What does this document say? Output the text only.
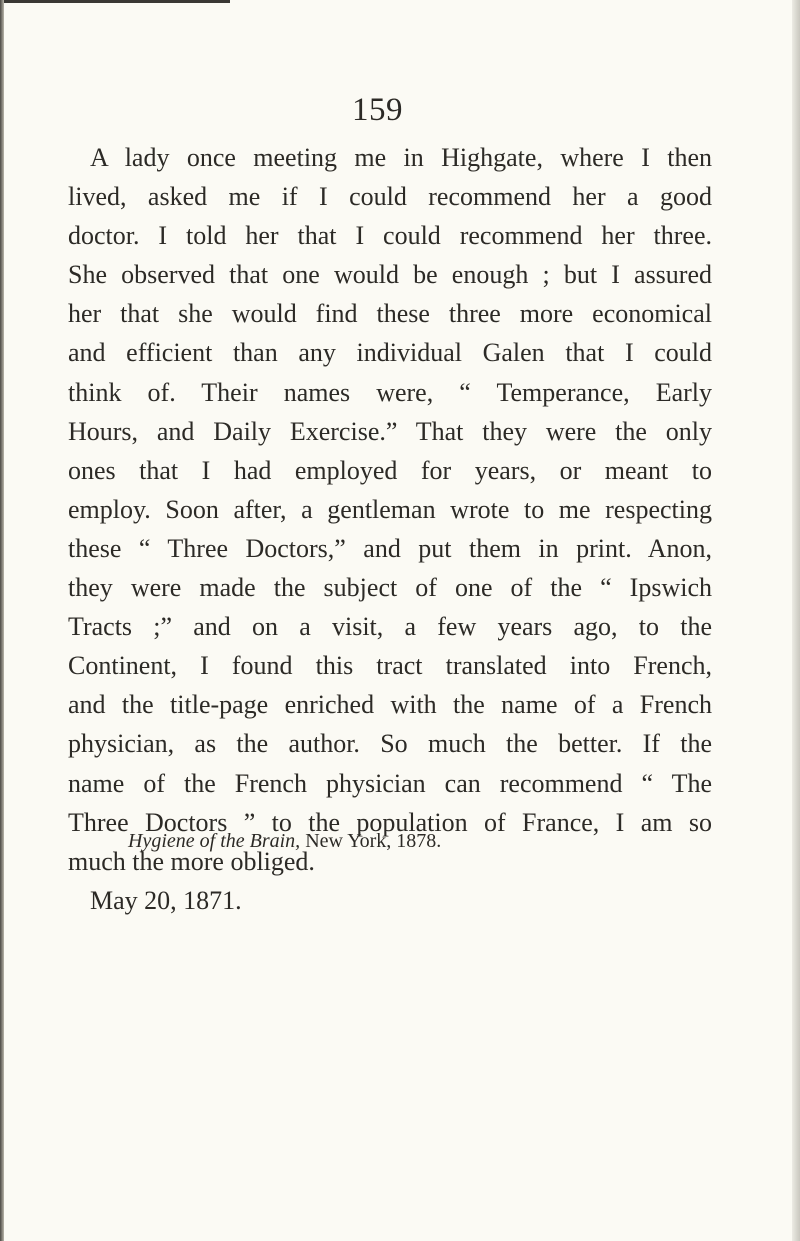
159
A lady once meeting me in Highgate, where I then
lived, asked me if I could recommend her a good
doctor. I told her that I could recommend her three.
She observed that one would be enough ; but I assured
her that she would find these three more economical
and efficient than any individual Galen that I could
think of. Their names were, “ Temperance, Early
Hours, and Daily Exercise.” That they were the only
ones that I had employed for years, or meant to
employ. Soon after, a gentleman wrote to me respecting
these “ Three Doctors,” and put them in print. Anon,
they were made the subject of one of the “ Ipswich
Tracts ;” and on a visit, a few years ago, to the
Continent, I found this tract translated into French,
and the title-page enriched with the name of a French
physician, as the author. So much the better. If the
name of the French physician can recommend “ The
Three Doctors ” to the population of France, I am so
much the more obliged.
May 20, 1871.
Hygiene of the Brain, New York, 1878.
